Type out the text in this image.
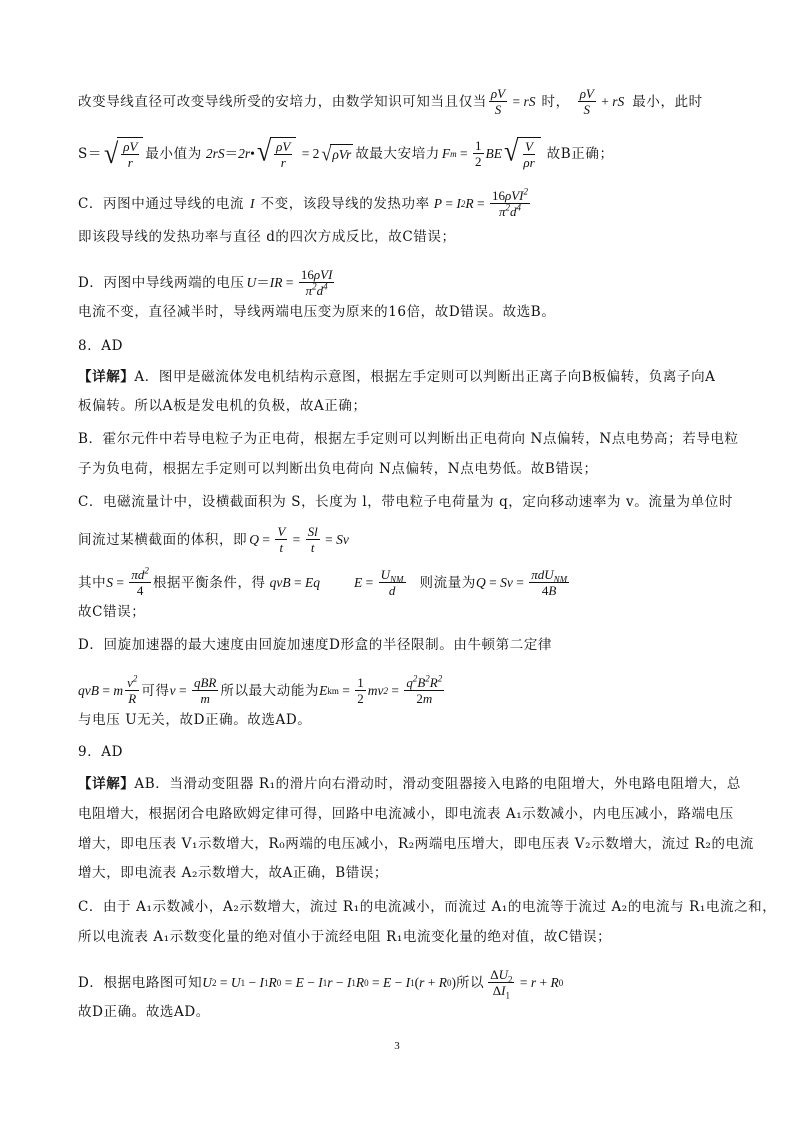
改变导线直径可改变导线所受的安培力，由数学知识可知当且仅当 $\frac{\rho V}{S}$ = rS 时， $\frac{\rho V}{S}$ + rS 最小，此时
S＝ √ $\frac{\rho V}{r}$ 最小值为 2rS ＝ 2r • √ $\frac{\rho V}{r} = 2$ √ ρVr 故最大安培力 F $m = \frac{1}{2}$ BE √ $\frac{V}{\rho r}$ 故B正确；
C．丙图中通过导线的电流 I 不变，该段导线的发热功率 P = I 2 $R = \frac{16\rho VI^2}{\pi^2d^4}$
即该段导线的发热功率与直径 d的四次方成反比，故C错误；
D．丙图中导线两端的电压 U ＝ IR = $\frac{\text{16ρVI}}{\pi^2d^4}$
电流不变，直径减半时，导线两端电压变为原来的16倍，故D错误。故选B。
8．AD
【详解】 A．图甲是磁流体发电机结构示意图，根据左手定则可以判断出正离子向B板偏转，负离子向A
板偏转。所以A板是发电机的负极，故A正确；
B．霍尔元件中若导电粒子为正电荷，根据左手定则可以判断出正电荷向 N点偏转，N点电势高；若导电粒
子为负电荷，根据左手定则可以判断出负电荷向 N点偏转，N点电势低。故B错误；
C．电磁流量计中，设横截面积为 S，长度为 l，带电粒子电荷量为 q，定向移动速率为 v。流量为单位时
间流过某横截面的体积，即 $Q = \frac{V}{t} = \frac{Sl}{t} = Sv$
其中 $S = \frac{\pi d^2}{4}$ 根据平衡条件，得 qvB = Eq	$E = \frac{U_{NM}}{d}$ 则流量为 $Q = Sv = \frac{\pi dU_{NM}}{4B}$
故C错误；
D．回旋加速器的最大速度由回旋加速度D形盒的半径限制。由牛顿第二定律
qvB = m $\frac{v^2}{R}$ 可得 $v = \frac{\text{qBR}}{m}$ 所以最大动能为 E km = $\frac{1}{2}$ mv $2 = \frac{q^2B^2R^2}{2m}$
与电压 U无关，故D正确。故选AD。
9．AD
【详解】 AB．当滑动变阻器 R₁的滑片向右滑动时，滑动变阻器接入电路的电阻增大，外电路电阻增大，总
电阻增大，根据闭合电路欧姆定律可得，回路中电流减小，即电流表 A₁示数减小，内电压减小，路端电压
增大，即电压表 V₁示数增大，R₀两端的电压减小，R₂两端电压增大，即电压表 V₂示数增大，流过 R₂的电流
增大，即电流表 A₂示数增大，故A正确，B错误；
C．由于 A₁示数减小，A₂示数增大，流过 R₁的电流减小，而流过 A₁的电流等于流过 A₂的电流与 R₁电流之和，
所以电流表 A₁示数变化量的绝对值小于流经电阻 R₁电流变化量的绝对值，故C错误；
D．根据电路图可知 U 2 = U 1 − I 1 R 0 = E − I 1 r − I 1 R 0 = E − I 1 ( r + R 0 ) 所以 $\frac{\Delta U_2}{\Delta I_1} = r + R$ 0
故D正确。故选AD。
3
